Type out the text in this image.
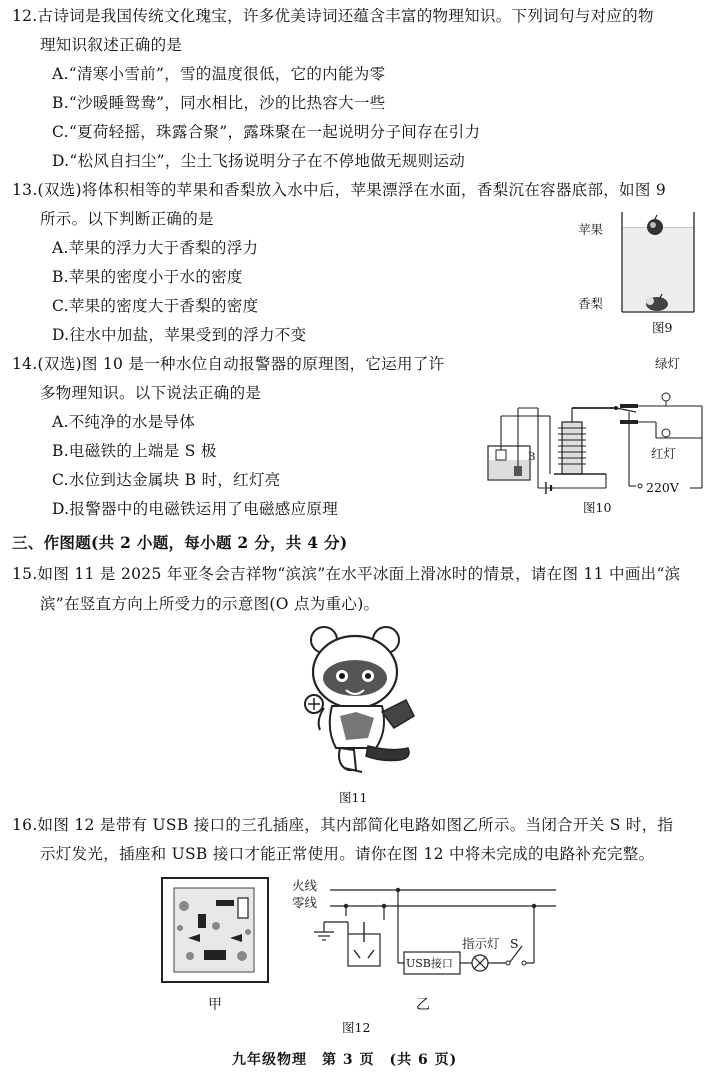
12.古诗词是我国传统文化瑰宝，许多优美诗词还蕴含丰富的物理知识。下列词句与对应的物
理知识叙述正确的是
A.“清寒小雪前”，雪的温度很低，它的内能为零
B.“沙暖睡鸳鸯”，同水相比，沙的比热容大一些
C.“夏荷轻摇，珠露合聚”，露珠聚在一起说明分子间存在引力
D.“松风自扫尘”，尘土飞扬说明分子在不停地做无规则运动
13.(双选)将体积相等的苹果和香梨放入水中后，苹果漂浮在水面，香梨沉在容器底部，如图 9
所示。以下判断正确的是
A.苹果的浮力大于香梨的浮力
B.苹果的密度小于水的密度
C.苹果的密度大于香梨的密度
D.往水中加盐，苹果受到的浮力不变
苹果
香梨
图9
14.(双选)图 10 是一种水位自动报警器的原理图，它运用了许
多物理知识。以下说法正确的是
A.不纯净的水是导体
B.电磁铁的上端是 S 极
C.水位到达金属块 B 时，红灯亮
D.报警器中的电磁铁运用了电磁感应原理
B
绿灯
红灯
220V
图10
三、作图题(共 2 小题，每小题 2 分，共 4 分)
15.如图 11 是 2025 年亚冬会吉祥物“滨滨”在水平冰面上滑冰时的情景，请在图 11 中画出“滨
滨”在竖直方向上所受力的示意图(O 点为重心)。
图11
16.如图 12 是带有 USB 接口的三孔插座，其内部简化电路如图乙所示。当闭合开关 S 时，指
示灯发光，插座和 USB 接口才能正常使用。请你在图 12 中将未完成的电路补充完整。
火线
零线
USB接口
指示灯 S
甲	乙
图12
九年级物理　第 3 页　(共 6 页)
